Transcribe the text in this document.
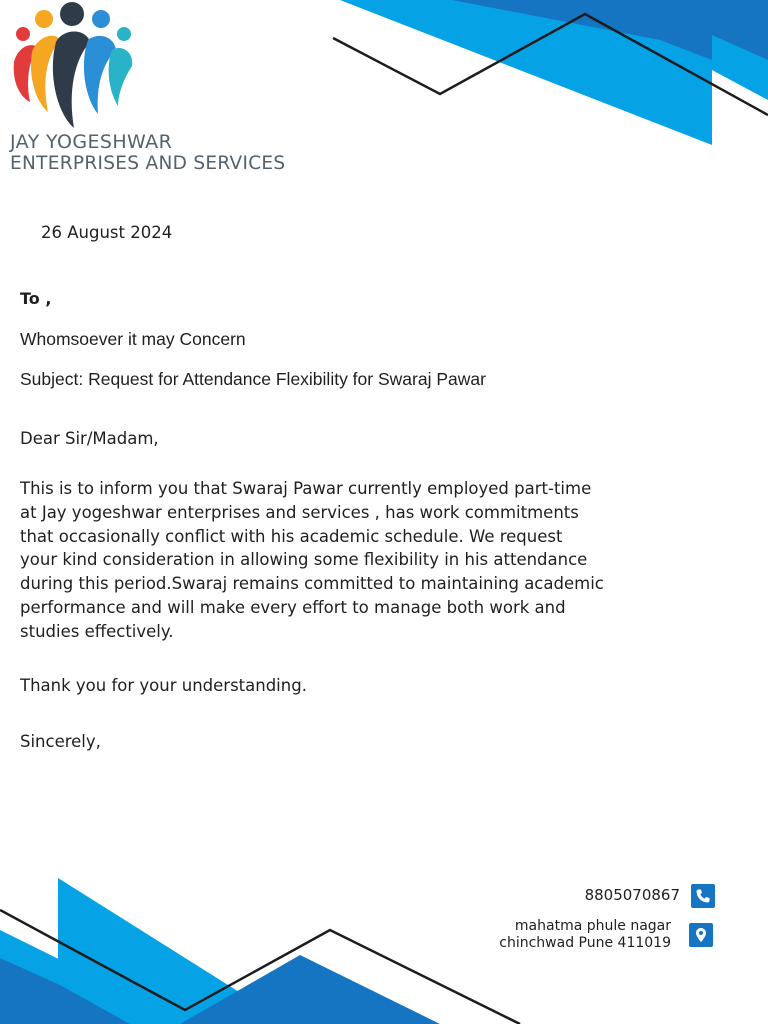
JAY YOGESHWAR
ENTERPRISES AND SERVICES
26 August 2024
To ,
Whomsoever it may Concern
Subject: Request for Attendance Flexibility for Swaraj Pawar
Dear Sir/Madam,
This is to inform you that Swaraj Pawar currently employed part-time
at Jay yogeshwar enterprises and services , has work commitments
that occasionally conflict with his academic schedule. We request
your kind consideration in allowing some flexibility in his attendance
during this period.Swaraj remains committed to maintaining academic
performance and will make every effort to manage both work and
studies effectively.
Thank you for your understanding.
Sincerely,
8805070867
mahatma phule nagar
chinchwad Pune 411019
